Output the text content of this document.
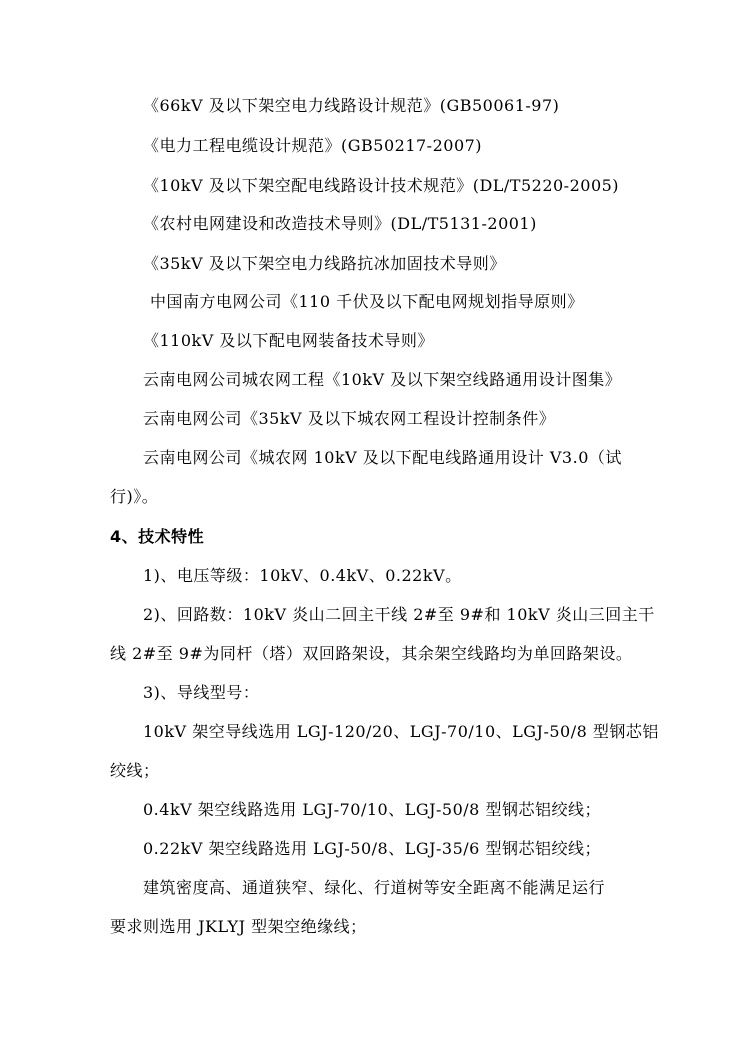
《66kV 及以下架空电力线路设计规范》(GB50061-97)
《电力工程电缆设计规范》(GB50217-2007)
《10kV 及以下架空配电线路设计技术规范》(DL/T5220-2005)
《农村电网建设和改造技术导则》(DL/T5131-2001)
《35kV 及以下架空电力线路抗冰加固技术导则》
中国南方电网公司《110 千伏及以下配电网规划指导原则》
《110kV 及以下配电网装备技术导则》
云南电网公司城农网工程《10kV 及以下架空线路通用设计图集》
云南电网公司《35kV 及以下城农网工程设计控制条件》
云南电网公司《城农网 10kV 及以下配电线路通用设计 V3.0（试
行)》。
4、技术特性
1)、电压等级：10kV、0.4kV、0.22kV。
2)、回路数：10kV 炎山二回主干线 2#至 9#和 10kV 炎山三回主干
线 2#至 9#为同杆（塔）双回路架设，其余架空线路均为单回路架设。
3)、导线型号：
10kV 架空导线选用 LGJ-120/20、LGJ-70/10、LGJ-50/8 型钢芯铝
绞线；
0.4kV 架空线路选用 LGJ-70/10、LGJ-50/8 型钢芯铝绞线；
0.22kV 架空线路选用 LGJ-50/8、LGJ-35/6 型钢芯铝绞线；
建筑密度高、通道狭窄、绿化、行道树等安全距离不能满足运行
要求则选用 JKLYJ 型架空绝缘线；
